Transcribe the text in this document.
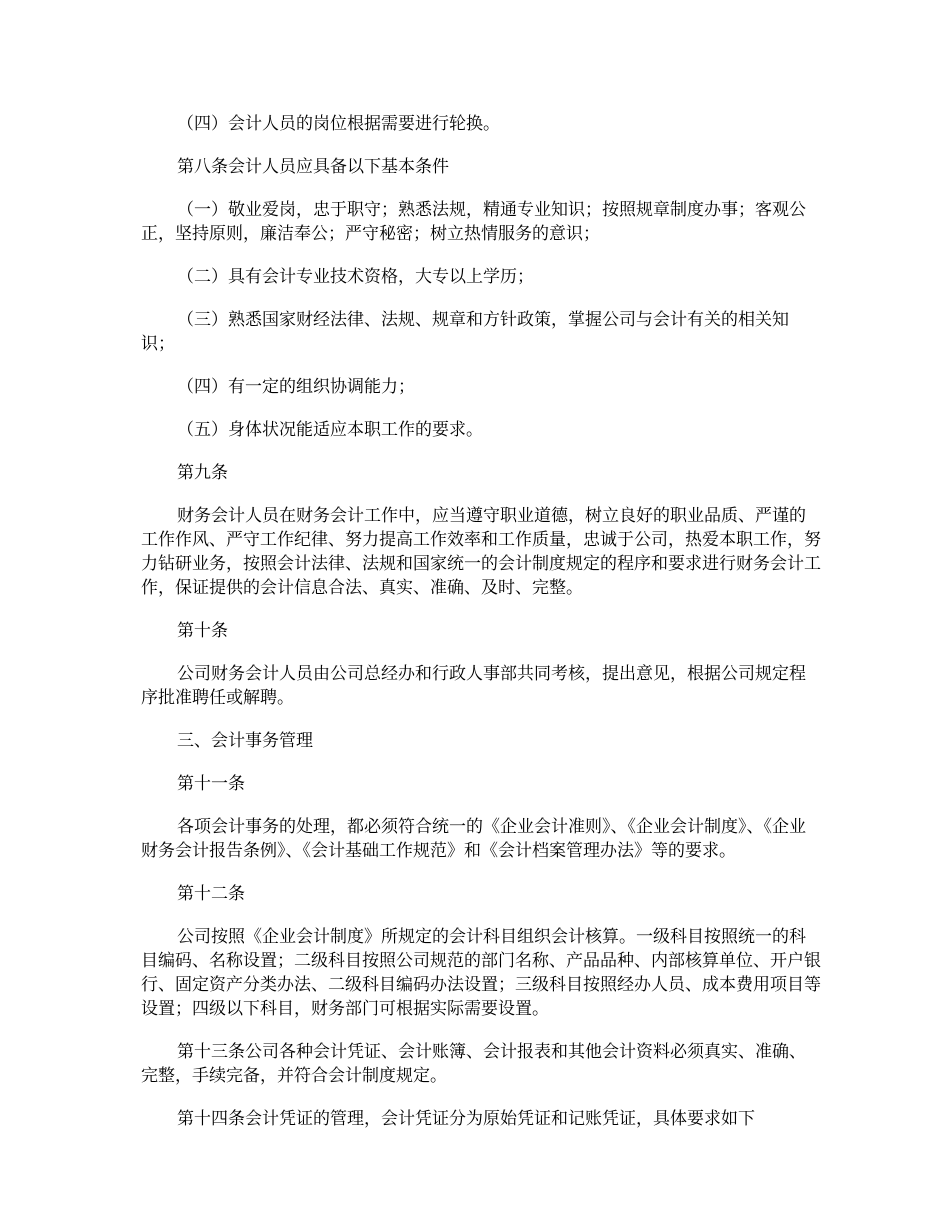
（四）会计人员的岗位根据需要进行轮换。

第八条会计人员应具备以下基本条件

（一）敬业爱岗，忠于职守；熟悉法规，精通专业知识；按照规章制度办事；客观公正，坚持原则，廉洁奉公；严守秘密；树立热情服务的意识；

（二）具有会计专业技术资格，大专以上学历；

（三）熟悉国家财经法律、法规、规章和方针政策，掌握公司与会计有关的相关知识；

（四）有一定的组织协调能力；

（五）身体状况能适应本职工作的要求。

第九条

财务会计人员在财务会计工作中，应当遵守职业道德，树立良好的职业品质、严谨的工作作风、严守工作纪律、努力提高工作效率和工作质量，忠诚于公司，热爱本职工作，努力钻研业务，按照会计法律、法规和国家统一的会计制度规定的程序和要求进行财务会计工作，保证提供的会计信息合法、真实、准确、及时、完整。

第十条

公司财务会计人员由公司总经办和行政人事部共同考核，提出意见，根据公司规定程序批准聘任或解聘。

三、会计事务管理

第十一条

各项会计事务的处理，都必须符合统一的《企业会计准则》、《企业会计制度》、《企业财务会计报告条例》、《会计基础工作规范》和《会计档案管理办法》等的要求。

第十二条

公司按照《企业会计制度》所规定的会计科目组织会计核算。一级科目按照统一的科目编码、名称设置；二级科目按照公司规范的部门名称、产品品种、内部核算单位、开户银行、固定资产分类办法、二级科目编码办法设置；三级科目按照经办人员、成本费用项目等设置；四级以下科目，财务部门可根据实际需要设置。

第十三条公司各种会计凭证、会计账簿、会计报表和其他会计资料必须真实、准确、完整，手续完备，并符合会计制度规定。

第十四条会计凭证的管理，会计凭证分为原始凭证和记账凭证，具体要求如下
